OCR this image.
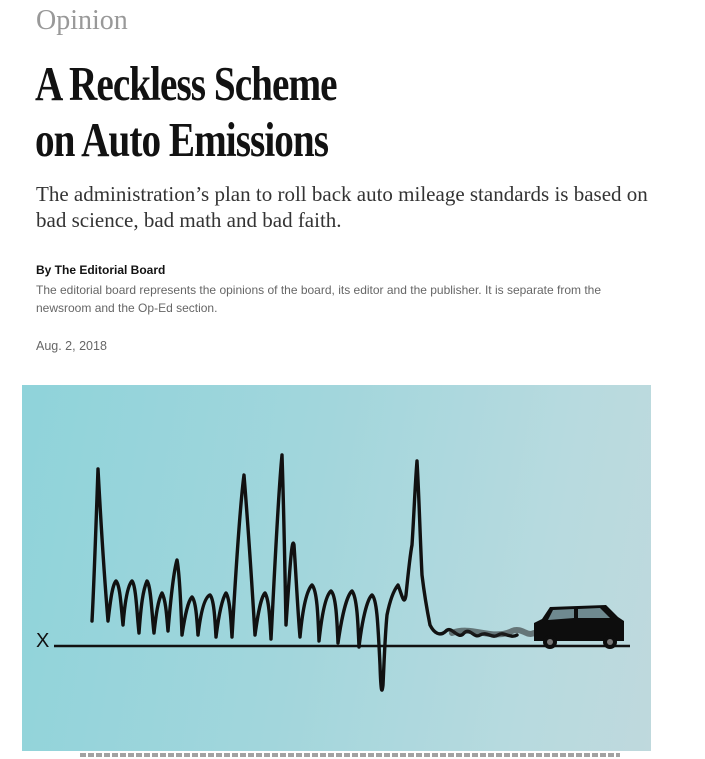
Opinion
A Reckless Scheme
on Auto Emissions

The administration’s plan to roll back auto mileage standards is based on bad science, bad math and bad faith.

By The Editorial Board

The editorial board represents the opinions of the board, its editor and the publisher. It is separate from the newsroom and the Op-Ed section.

Aug. 2, 2018
X
